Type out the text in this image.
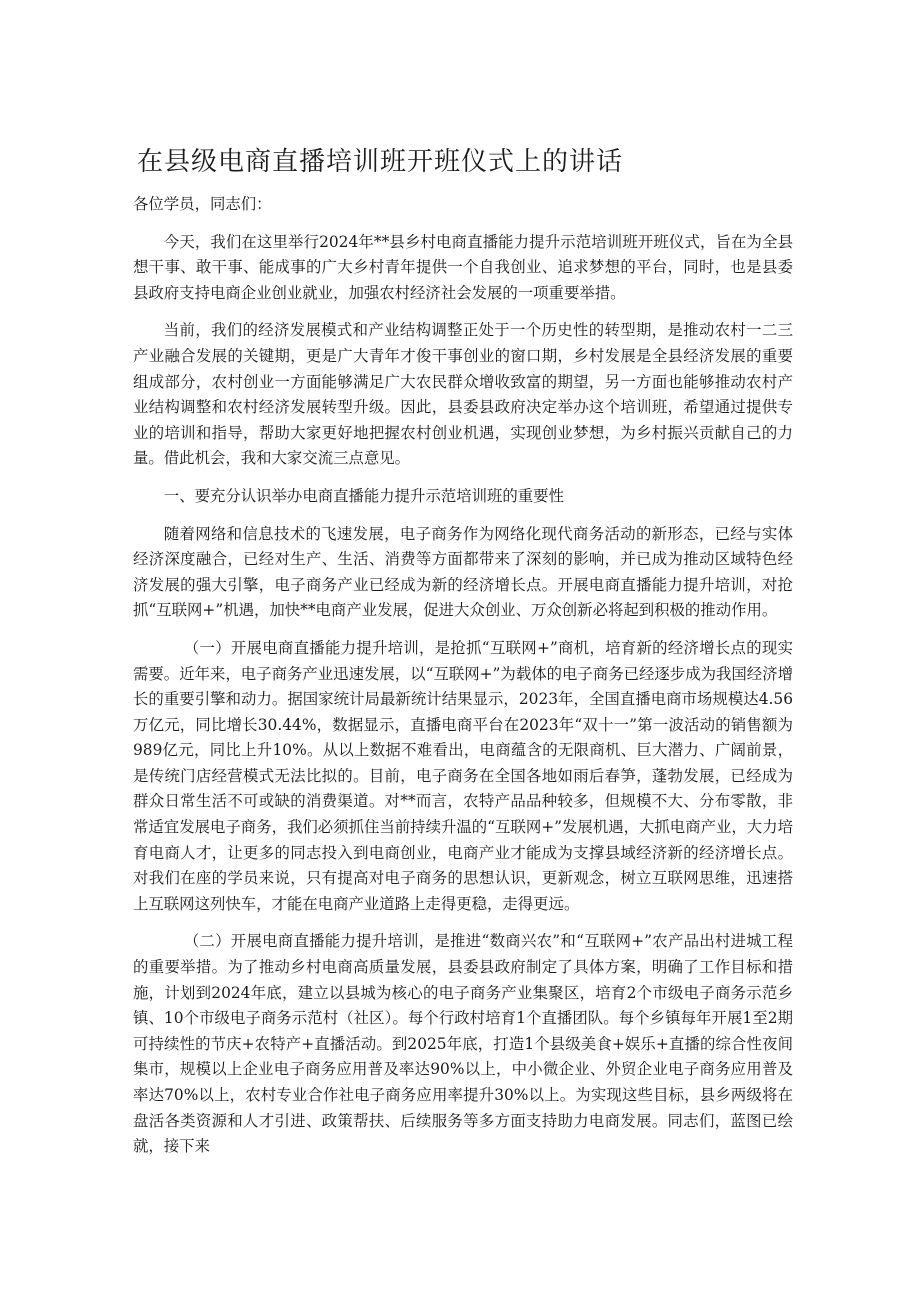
在县级电商直播培训班开班仪式上的讲话

各位学员，同志们：

今天，我们在这里举行2024年**县乡村电商直播能力提升示范培训班开班仪式，旨在为全县想干事、敢干事、能成事的广大乡村青年提供一个自我创业、追求梦想的平台，同时，也是县委县政府支持电商企业创业就业，加强农村经济社会发展的一项重要举措。

当前，我们的经济发展模式和产业结构调整正处于一个历史性的转型期，是推动农村一二三产业融合发展的关键期，更是广大青年才俊干事创业的窗口期，乡村发展是全县经济发展的重要组成部分，农村创业一方面能够满足广大农民群众增收致富的期望，另一方面也能够推动农村产业结构调整和农村经济发展转型升级。因此，县委县政府决定举办这个培训班，希望通过提供专业的培训和指导，帮助大家更好地把握农村创业机遇，实现创业梦想，为乡村振兴贡献自己的力量。借此机会，我和大家交流三点意见。

一、要充分认识举办电商直播能力提升示范培训班的重要性

随着网络和信息技术的飞速发展，电子商务作为网络化现代商务活动的新形态，已经与实体经济深度融合，已经对生产、生活、消费等方面都带来了深刻的影响，并已成为推动区域特色经济发展的强大引擎，电子商务产业已经成为新的经济增长点。开展电商直播能力提升培训，对抢抓“互联网+”机遇，加快**电商产业发展，促进大众创业、万众创新必将起到积极的推动作用。

（一）开展电商直播能力提升培训，是抢抓“互联网+”商机，培育新的经济增长点的现实需要。近年来，电子商务产业迅速发展，以“互联网+”为载体的电子商务已经逐步成为我国经济增长的重要引擎和动力。据国家统计局最新统计结果显示，2023年，全国直播电商市场规模达4.56万亿元，同比增长30.44%，数据显示，直播电商平台在2023年“双十一”第一波活动的销售额为989亿元，同比上升10%。从以上数据不难看出，电商蕴含的无限商机、巨大潜力、广阔前景，是传统门店经营模式无法比拟的。目前，电子商务在全国各地如雨后春笋，蓬勃发展，已经成为群众日常生活不可或缺的消费渠道。对**而言，农特产品品种较多，但规模不大、分布零散，非常适宜发展电子商务，我们必须抓住当前持续升温的“互联网+”发展机遇，大抓电商产业，大力培育电商人才，让更多的同志投入到电商创业，电商产业才能成为支撑县域经济新的经济增长点。对我们在座的学员来说，只有提高对电子商务的思想认识，更新观念，树立互联网思维，迅速搭上互联网这列快车，才能在电商产业道路上走得更稳，走得更远。

（二）开展电商直播能力提升培训，是推进“数商兴农”和“互联网+”农产品出村进城工程的重要举措。为了推动乡村电商高质量发展，县委县政府制定了具体方案，明确了工作目标和措施，计划到2024年底，建立以县城为核心的电子商务产业集聚区，培育2个市级电子商务示范乡镇、10个市级电子商务示范村（社区）。每个行政村培育1个直播团队。每个乡镇每年开展1至2期可持续性的节庆+农特产+直播活动。到2025年底，打造1个县级美食+娱乐+直播的综合性夜间集市，规模以上企业电子商务应用普及率达90%以上，中小微企业、外贸企业电子商务应用普及率达70%以上，农村专业合作社电子商务应用率提升30%以上。为实现这些目标，县乡两级将在盘活各类资源和人才引进、政策帮扶、后续服务等多方面支持助力电商发展。同志们，蓝图已绘就，接下来
